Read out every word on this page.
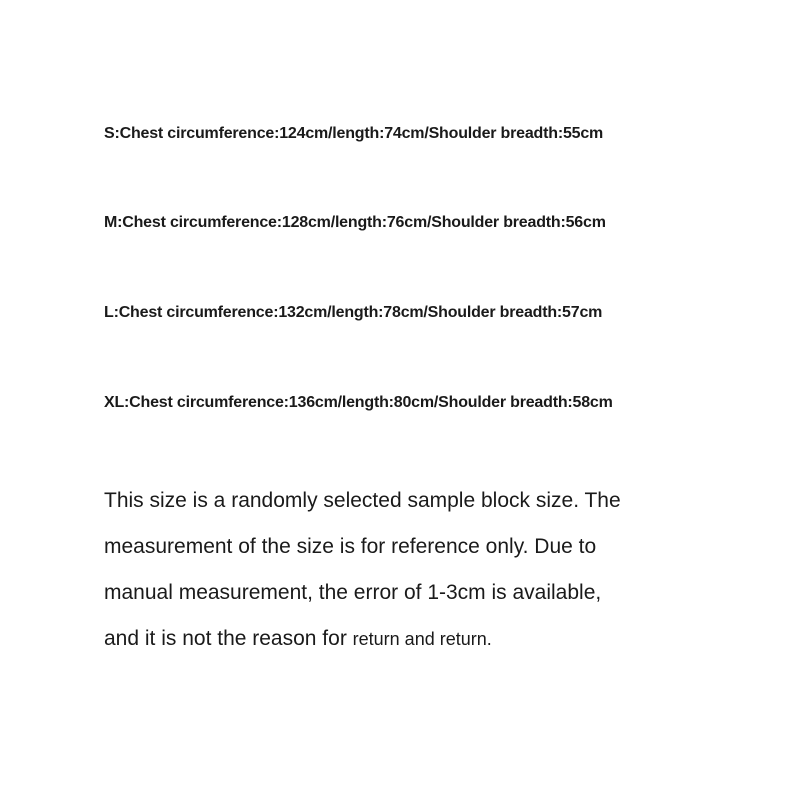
S:Chest circumference:124cm/length:74cm/Shoulder breadth:55cm
M:Chest circumference:128cm/length:76cm/Shoulder breadth:56cm
L:Chest circumference:132cm/length:78cm/Shoulder breadth:57cm
XL:Chest circumference:136cm/length:80cm/Shoulder breadth:58cm
This size is a randomly selected sample block size. The
measurement of the size is for reference only. Due to
manual measurement, the error of 1-3cm is available,
and it is not the reason for return and return.
